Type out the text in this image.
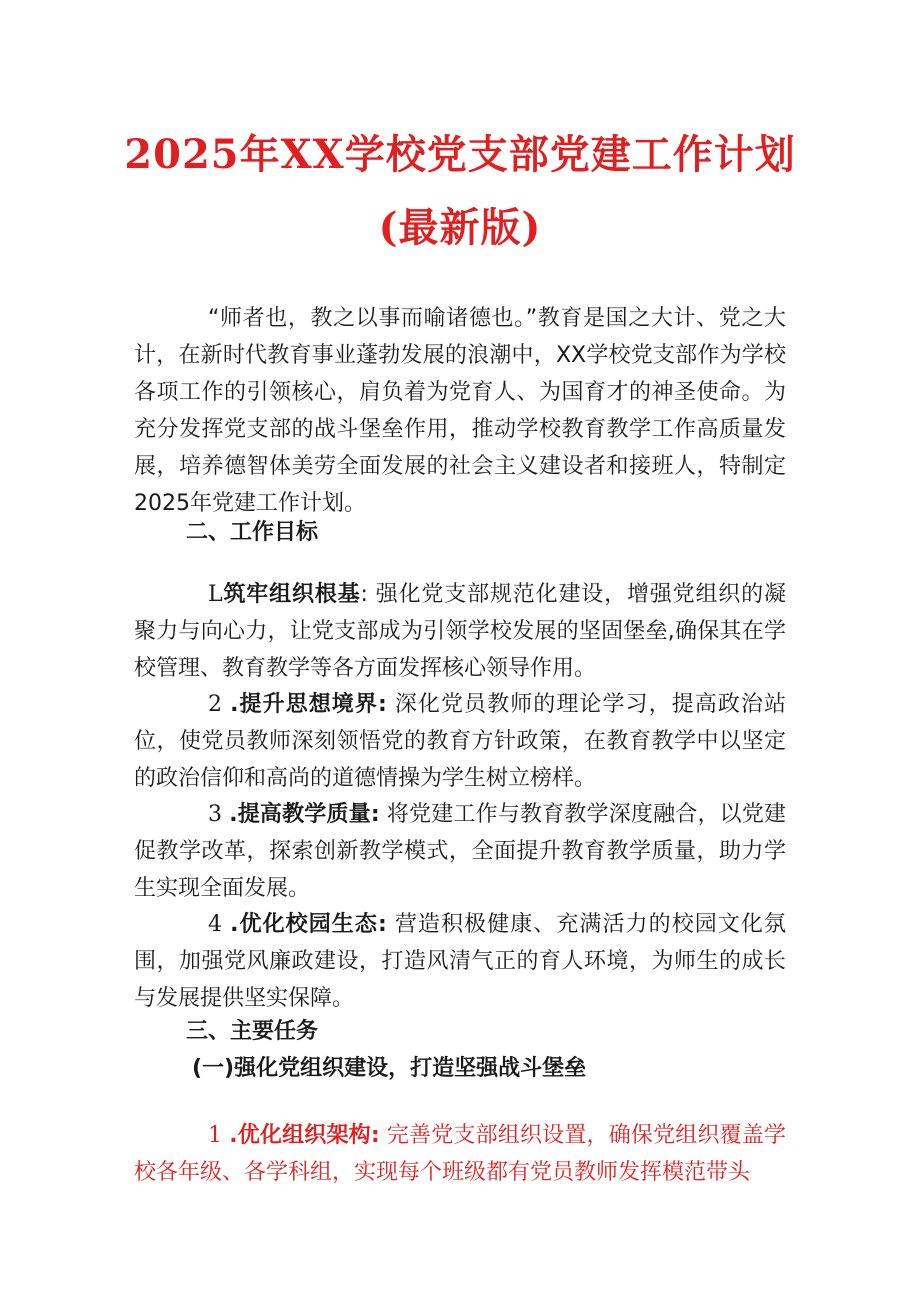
2025年XX学校党支部党建工作计划
(最新版)
“师者也，教之以事而喻诸德也。”教育是国之大计、党之大计，在新时代教育事业蓬勃发展的浪潮中，XX学校党支部作为学校各项工作的引领核心，肩负着为党育人、为国育才的神圣使命。为充分发挥党支部的战斗堡垒作用，推动学校教育教学工作高质量发展，培养德智体美劳全面发展的社会主义建设者和接班人，特制定2025年党建工作计划。
二、工作目标
L筑牢组织根基: 强化党支部规范化建设，增强党组织的凝聚力与向心力，让党支部成为引领学校发展的坚固堡垒,确保其在学校管理、教育教学等各方面发挥核心领导作用。
2 .提升思想境界: 深化党员教师的理论学习，提高政治站位，使党员教师深刻领悟党的教育方针政策，在教育教学中以坚定的政治信仰和高尚的道德情操为学生树立榜样。
3 .提高教学质量: 将党建工作与教育教学深度融合，以党建促教学改革，探索创新教学模式，全面提升教育教学质量，助力学生实现全面发展。
4 .优化校园生态: 营造积极健康、充满活力的校园文化氛围，加强党风廉政建设，打造风清气正的育人环境，为师生的成长与发展提供坚实保障。
三、主要任务
(一)强化党组织建设，打造坚强战斗堡垒
1 .优化组织架构: 完善党支部组织设置，确保党组织覆盖学校各年级、各学科组，实现每个班级都有党员教师发挥模范带头
